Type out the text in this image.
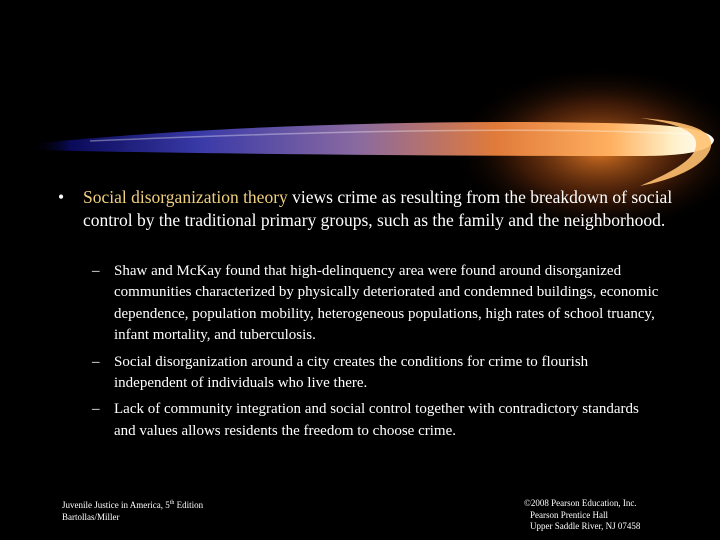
•	Social disorganization theory views crime as resulting from the breakdown of social control by the traditional primary groups, such as the family and the neighborhood.
– Shaw and McKay found that high-delinquency area were found around disorganized communities characterized by physically deteriorated and condemned buildings, economic dependence, population mobility, heterogeneous populations, high rates of school truancy, infant mortality, and tuberculosis.
– Social disorganization around a city creates the conditions for crime to flourish independent of individuals who live there.
– Lack of community integration and social control together with contradictory standards and values allows residents the freedom to choose crime.
Juvenile Justice in America, 5th Edition
Bartollas/Miller
©2008 Pearson Education, Inc.
Pearson Prentice Hall
Upper Saddle River, NJ 07458
